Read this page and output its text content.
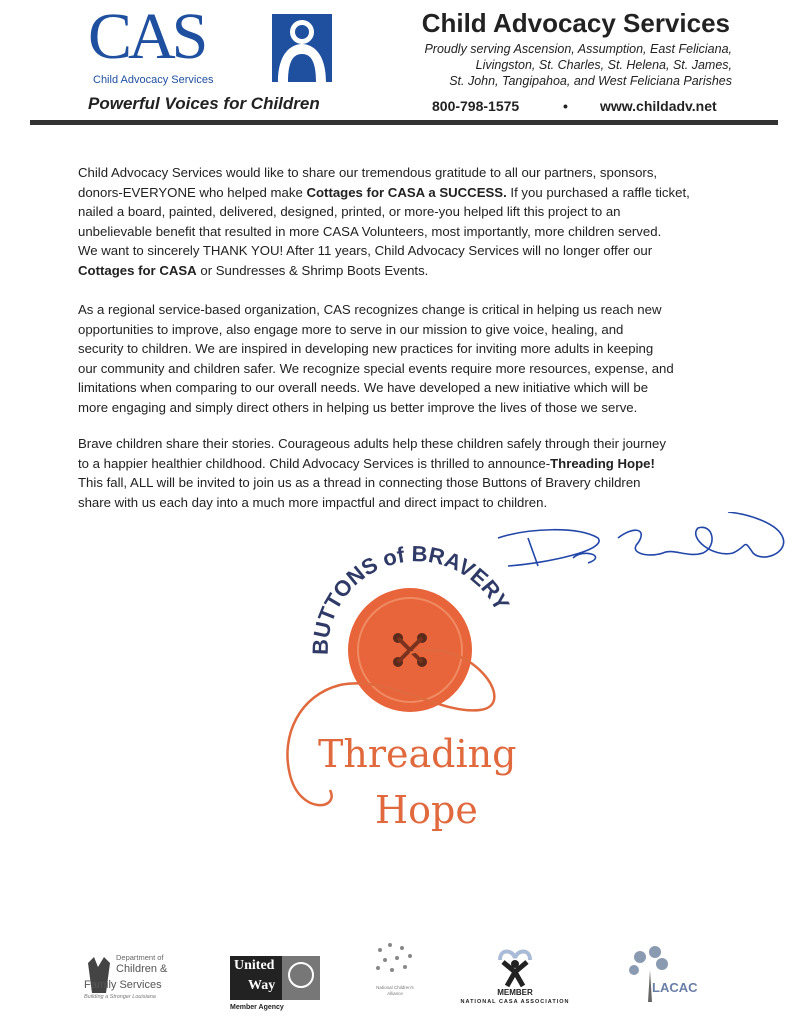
CAS
Child Advocacy Services
Powerful Voices for Children
Child Advocacy Services
Proudly serving Ascension, Assumption, East Feliciana,
Livingston, St. Charles, St. Helena, St. James,
St. John, Tangipahoa, and West Feliciana Parishes
800-798-1575	• www.childadv.net
Child Advocacy Services would like to share our tremendous gratitude to all our partners, sponsors,
donors-EVERYONE who helped make Cottages for CASA a SUCCESS. If you purchased a raffle ticket,
nailed a board, painted, delivered, designed, printed, or more-you helped lift this project to an
unbelievable benefit that resulted in more CASA Volunteers, most importantly, more children served.
We want to sincerely THANK YOU! After 11 years, Child Advocacy Services will no longer offer our
Cottages for CASA or Sundresses & Shrimp Boots Events.
As a regional service-based organization, CAS recognizes change is critical in helping us reach new
opportunities to improve, also engage more to serve in our mission to give voice, healing, and
security to children. We are inspired in developing new practices for inviting more adults in keeping
our community and children safer. We recognize special events require more resources, expense, and
limitations when comparing to our overall needs. We have developed a new initiative which will be
more engaging and simply direct others in helping us better improve the lives of those we serve.
Brave children share their stories. Courageous adults help these children safely through their journey
to a happier healthier childhood. Child Advocacy Services is thrilled to announce-Threading Hope!
This fall, ALL will be invited to join us as a thread in connecting those Buttons of Bravery children
share with us each day into a much more impactful and direct impact to children.
BUTTONS of BRAVERY
Threading
Hope
Department of
Children &
Family Services
Building a Stronger Louisiana
United
Way
Member Agency
National Children's Alliance	MEMBER
NATIONAL CASA ASSOCIATION
LACAC
